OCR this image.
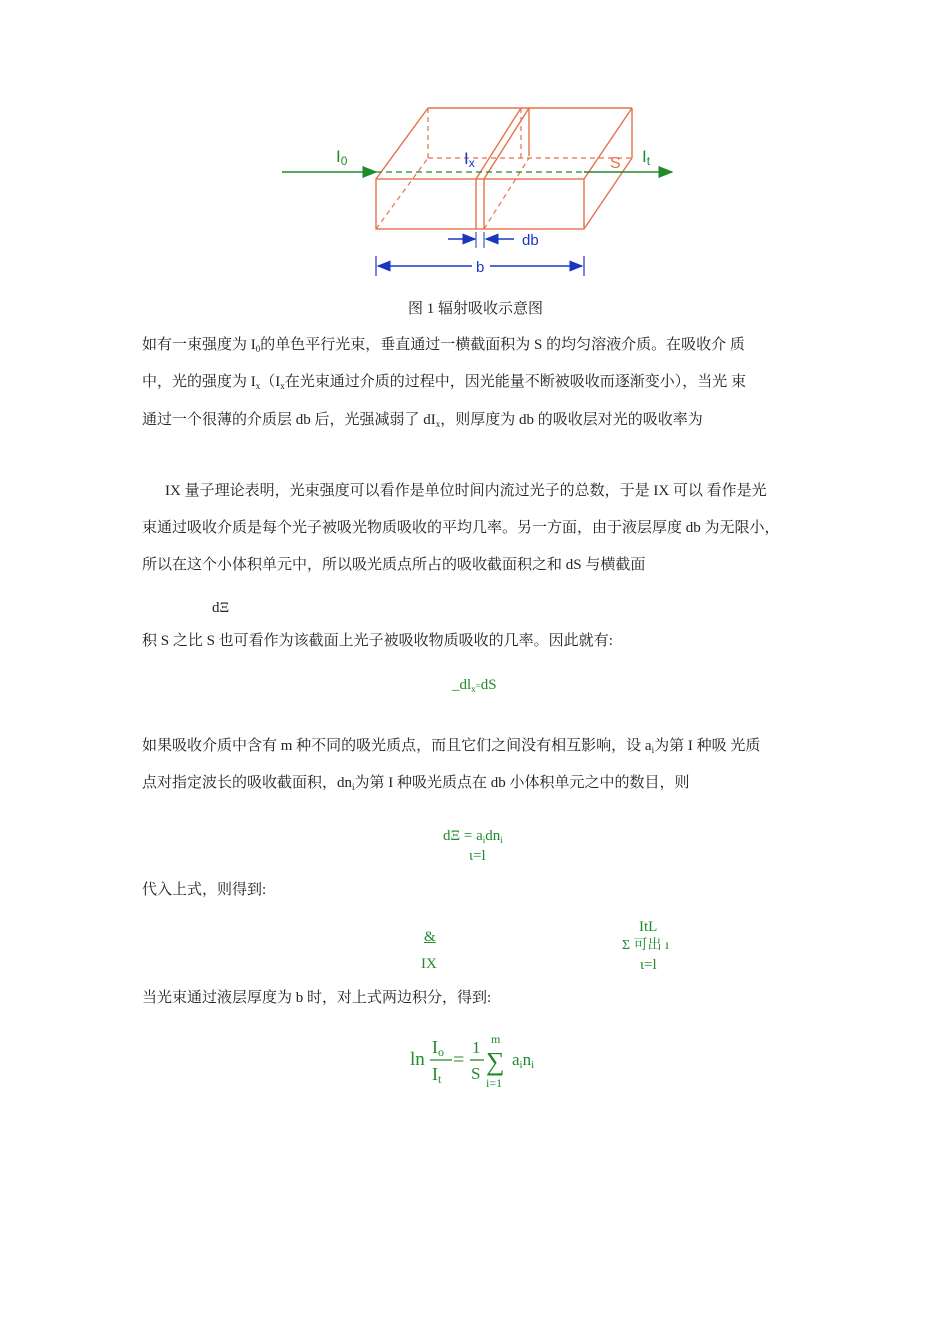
I0	Ix	S It
db
b
图 1 辐射吸收示意图
如有一束强度为 $I_0$的单色平行光束，垂直通过一横截面积为 S 的均匀溶液介质。在吸收介 质
中，光的强度为 $I_x(I_x$在光束通过介质的过程中，因光能量不断被吸收而逐渐变小），当光 束
通过一个很薄的介质层 db 后，光强减弱了 $dI_x$，则厚度为 db 的吸收层对光的吸收率为
IX 量子理论表明，光束强度可以看作是单位时间内流过光子的总数，于是 IX 可以 看作是光
束通过吸收介质是每个光子被吸光物质吸收的平均几率。另一方面，由于液层厚度 db 为无限小，
所以在这个小体积单元中，所以吸光质点所占的吸收截面积之和 dS 与横截面
dΞ
积 S 之比 S 也可看作为该截面上光子被吸收物质吸收的几率。因此就有:
$\_dl_x=dS$
如果吸收介质中含有 m 种不同的吸光质点，而且它们之间没有相互影响，设 $a_i$为第 I 种吸 光质
点对指定波长的吸收截面积，$dn_i$为第 I 种吸光质点在 db 小体积单元之中的数目，则
$d\Xi = a_idn_i$
ι=l
代入上式，则得到:
&
IX
ItL
Σ 可出 ı
ι=l
当光束通过液层厚度为 b 时，对上式两边积分，得到:
ln
Io
It
=
1
S
m
∑
i=1
aini
